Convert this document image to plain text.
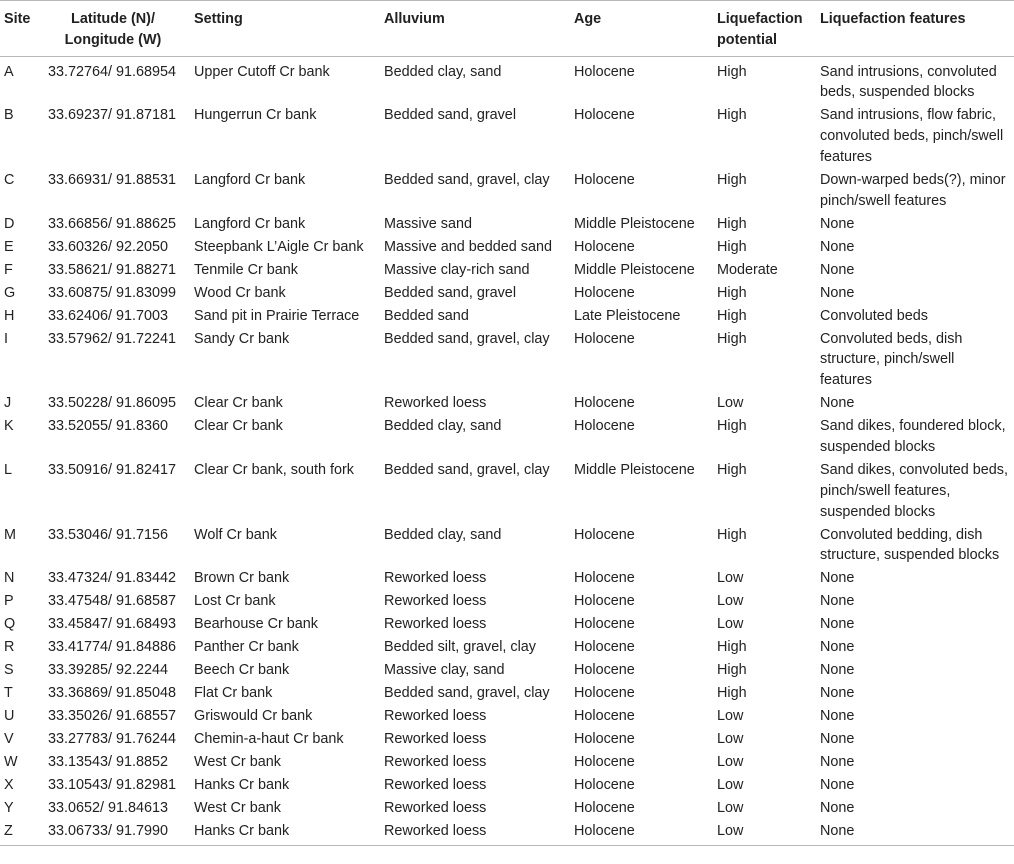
Site	Latitude (N)/ Longitude (W)	Setting	Alluvium	Age	Liquefaction potential	Liquefaction features
A	33.72764/ 91.68954	Upper Cutoff Cr bank	Bedded clay, sand	Holocene	High	Sand intrusions, convoluted beds, suspended blocks
B	33.69237/ 91.87181	Hungerrun Cr bank	Bedded sand, gravel	Holocene	High	Sand intrusions, flow fabric, convoluted beds, pinch/swell features
C	33.66931/ 91.88531	Langford Cr bank	Bedded sand, gravel, clay	Holocene	High	Down-warped beds(?), minor pinch/swell features
D	33.66856/ 91.88625	Langford Cr bank	Massive sand	Middle Pleistocene	High	None
E	33.60326/ 92.2050	Steepbank L’Aigle Cr bank	Massive and bedded sand	Holocene	High	None
F	33.58621/ 91.88271	Tenmile Cr bank	Massive clay-rich sand	Middle Pleistocene	Moderate	None
G	33.60875/ 91.83099	Wood Cr bank	Bedded sand, gravel	Holocene	High	None
H	33.62406/ 91.7003	Sand pit in Prairie Terrace	Bedded sand	Late Pleistocene	High	Convoluted beds
I	33.57962/ 91.72241	Sandy Cr bank	Bedded sand, gravel, clay	Holocene	High	Convoluted beds, dish structure, pinch/swell features
J	33.50228/ 91.86095	Clear Cr bank	Reworked loess	Holocene	Low	None
K	33.52055/ 91.8360	Clear Cr bank	Bedded clay, sand	Holocene	High	Sand dikes, foundered block, suspended blocks
L	33.50916/ 91.82417	Clear Cr bank, south fork	Bedded sand, gravel, clay	Middle Pleistocene	High	Sand dikes, convoluted beds, pinch/swell features, suspended blocks
M	33.53046/ 91.7156	Wolf Cr bank	Bedded clay, sand	Holocene	High	Convoluted bedding, dish structure, suspended blocks
N	33.47324/ 91.83442	Brown Cr bank	Reworked loess	Holocene	Low	None
P	33.47548/ 91.68587	Lost Cr bank	Reworked loess	Holocene	Low	None
Q	33.45847/ 91.68493	Bearhouse Cr bank	Reworked loess	Holocene	Low	None
R	33.41774/ 91.84886	Panther Cr bank	Bedded silt, gravel, clay	Holocene	High	None
S	33.39285/ 92.2244	Beech Cr bank	Massive clay, sand	Holocene	High	None
T	33.36869/ 91.85048	Flat Cr bank	Bedded sand, gravel, clay	Holocene	High	None
U	33.35026/ 91.68557	Griswould Cr bank	Reworked loess	Holocene	Low	None
V	33.27783/ 91.76244	Chemin-a-haut Cr bank	Reworked loess	Holocene	Low	None
W	33.13543/ 91.8852	West Cr bank	Reworked loess	Holocene	Low	None
X	33.10543/ 91.82981	Hanks Cr bank	Reworked loess	Holocene	Low	None
Y	33.0652/ 91.84613	West Cr bank	Reworked loess	Holocene	Low	None
Z	33.06733/ 91.7990	Hanks Cr bank	Reworked loess	Holocene	Low	None
